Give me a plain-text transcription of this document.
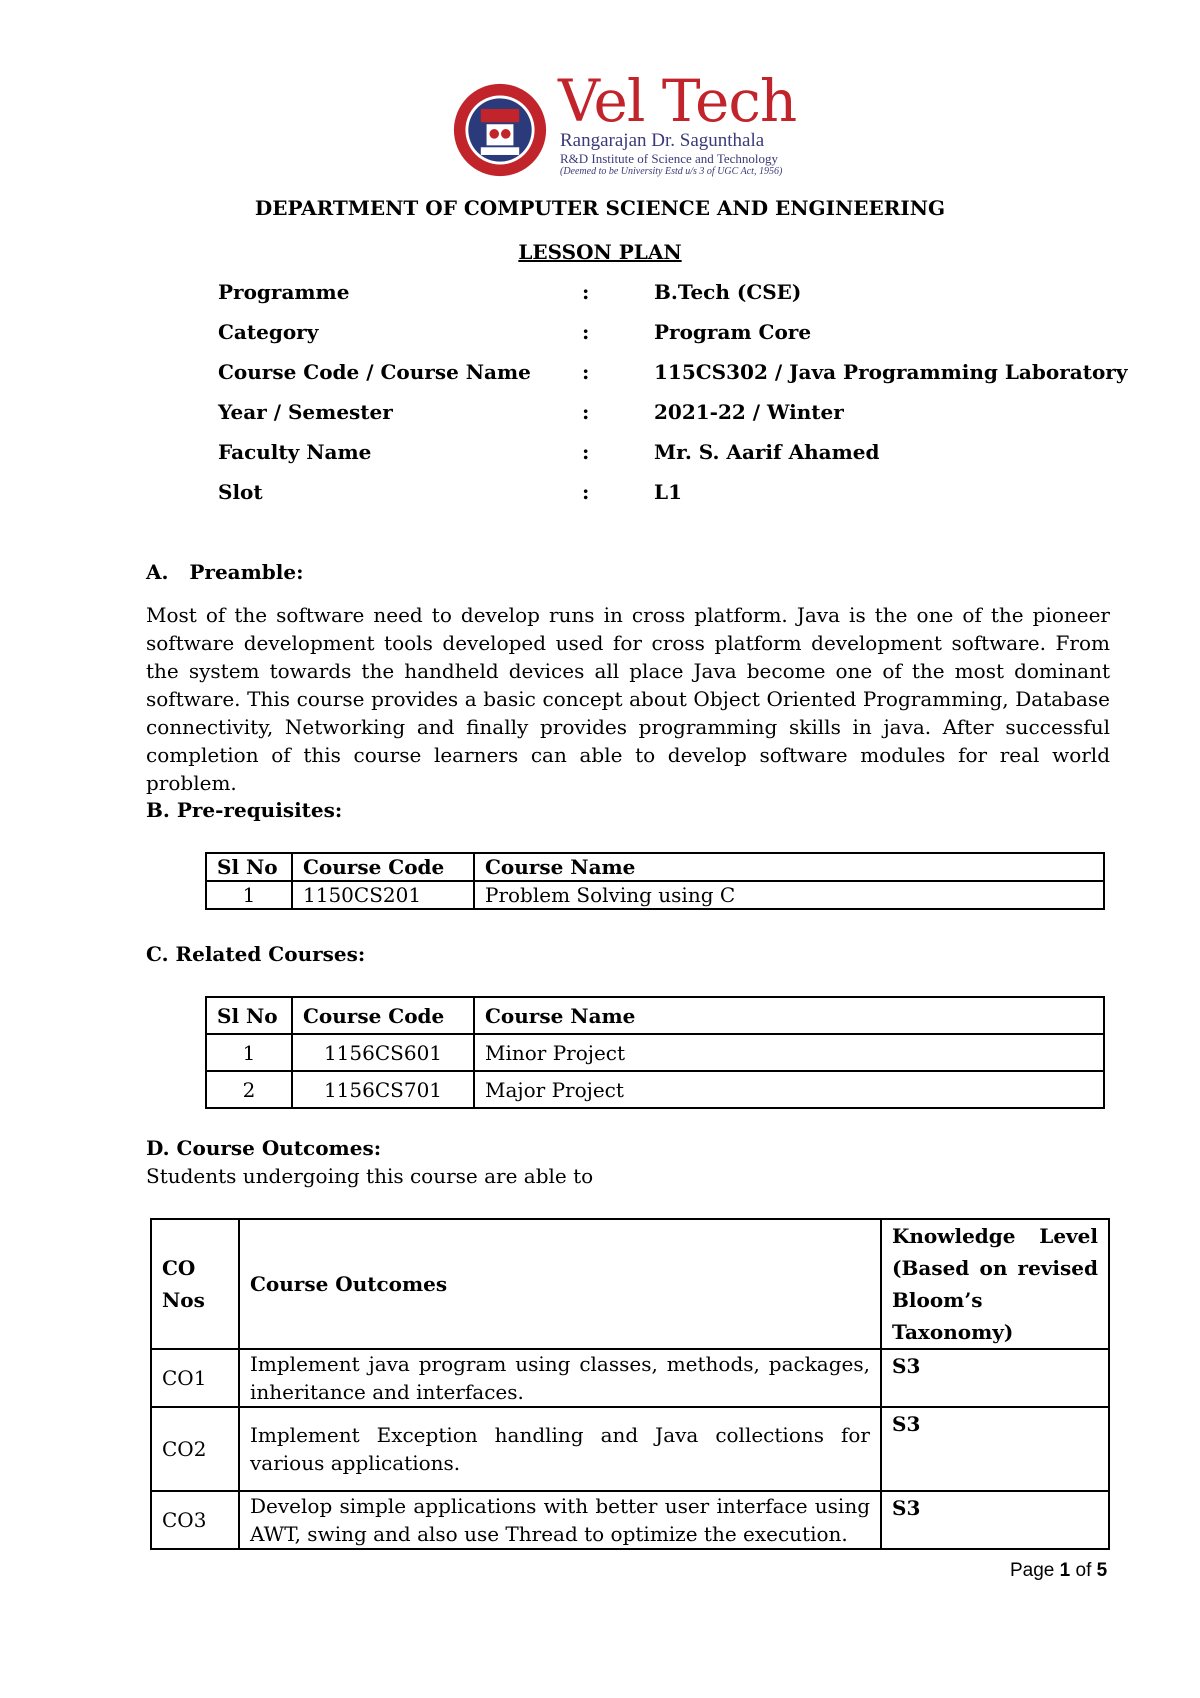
Vel Tech
Rangarajan Dr. Sagunthala
R&D Institute of Science and Technology
(Deemed to be University Estd u/s 3 of UGC Act, 1956)
DEPARTMENT OF COMPUTER SCIENCE AND ENGINEERING
LESSON PLAN
Programme	:	B.Tech (CSE)
Category	:	Program Core
Course Code / Course Name	:	115CS302 / Java Programming Laboratory
Year / Semester	:	2021-22 / Winter
Faculty Name	:	Mr. S. Aarif Ahamed
Slot	:	L1
A.   Preamble:
Most of the software need to develop runs in cross platform. Java is the one of the pioneer software development tools developed used for cross platform development software. From the system towards the handheld devices all place Java become one of the most dominant software. This course provides a basic concept about Object Oriented Programming, Database connectivity, Networking and finally provides programming skills in java. After successful completion of this course learners can able to develop software modules for real world problem.
B. Pre-requisites:
Sl No	Course Code	Course Name
1	1150CS201	Problem Solving using C
C. Related Courses:
Sl No	Course Code	Course Name
1	1156CS601	Minor Project
2	1156CS701	Major Project
D. Course Outcomes:
Students undergoing this course are able to
CO Nos	Course Outcomes	Knowledge Level (Based on revised Bloom’s Taxonomy)
CO1	Implement java program using classes, methods, packages, inheritance and interfaces.	S3
CO2	Implement Exception handling and Java collections for various applications.	S3
CO3	Develop simple applications with better user interface using AWT, swing and also use Thread to optimize the execution.	S3
Page 1 of 5
